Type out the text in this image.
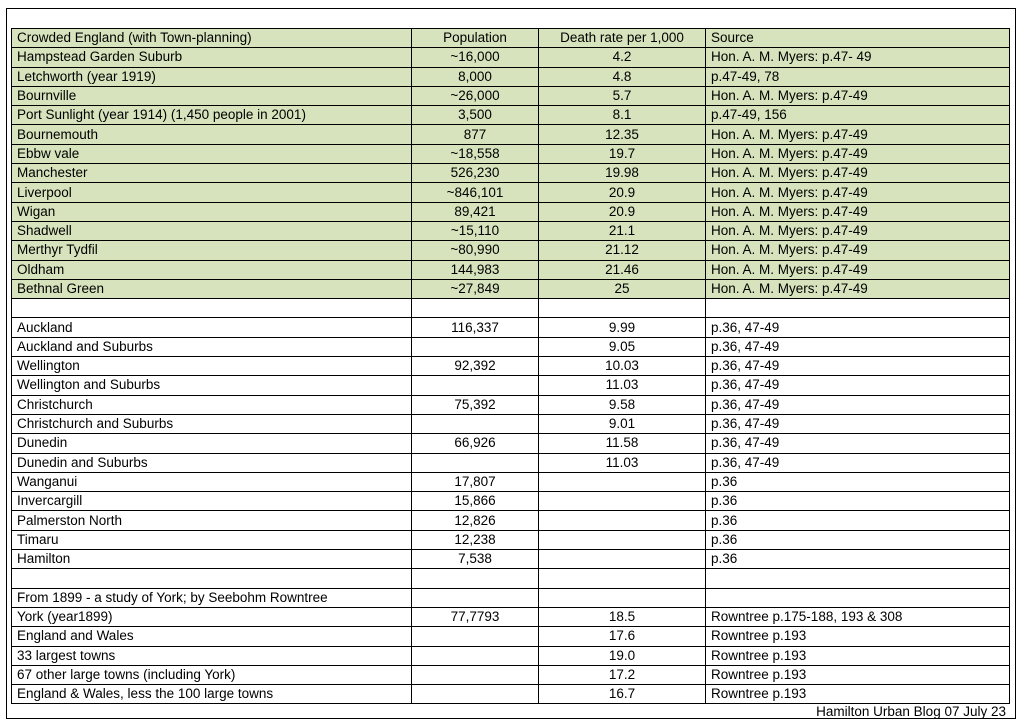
Crowded England (with Town-planning)	Population	Death rate per 1,000	Source
Hampstead Garden Suburb	~16,000	4.2	Hon. A. M. Myers: p.47- 49
Letchworth (year 1919)	8,000	4.8	p.47-49, 78
Bournville	~26,000	5.7	Hon. A. M. Myers: p.47-49
Port Sunlight (year 1914) (1,450 people in 2001)	3,500	8.1	p.47-49, 156
Bournemouth	877	12.35	Hon. A. M. Myers: p.47-49
Ebbw vale	~18,558	19.7	Hon. A. M. Myers: p.47-49
Manchester	526,230	19.98	Hon. A. M. Myers: p.47-49
Liverpool	~846,101	20.9	Hon. A. M. Myers: p.47-49
Wigan	89,421	20.9	Hon. A. M. Myers: p.47-49
Shadwell	~15,110	21.1	Hon. A. M. Myers: p.47-49
Merthyr Tydfil	~80,990	21.12	Hon. A. M. Myers: p.47-49
Oldham	144,983	21.46	Hon. A. M. Myers: p.47-49
Bethnal Green	~27,849	25	Hon. A. M. Myers: p.47-49

Auckland	116,337	9.99	p.36, 47-49
Auckland and Suburbs		9.05	p.36, 47-49
Wellington	92,392	10.03	p.36, 47-49
Wellington and Suburbs		11.03	p.36, 47-49
Christchurch	75,392	9.58	p.36, 47-49
Christchurch and Suburbs		9.01	p.36, 47-49
Dunedin	66,926	11.58	p.36, 47-49
Dunedin and Suburbs		11.03	p.36, 47-49
Wanganui	17,807		p.36
Invercargill	15,866		p.36
Palmerston North	12,826		p.36
Timaru	12,238		p.36
Hamilton	7,538		p.36

From 1899 - a study of York; by Seebohm Rowntree			
York (year1899)	77,7793	18.5	Rowntree p.175-188, 193 & 308
England and Wales		17.6	Rowntree p.193
33 largest towns		19.0	Rowntree p.193
67 other large towns (including York)		17.2	Rowntree p.193
England & Wales, less the 100 large towns		16.7	Rowntree p.193
Hamilton Urban Blog 07 July 23
